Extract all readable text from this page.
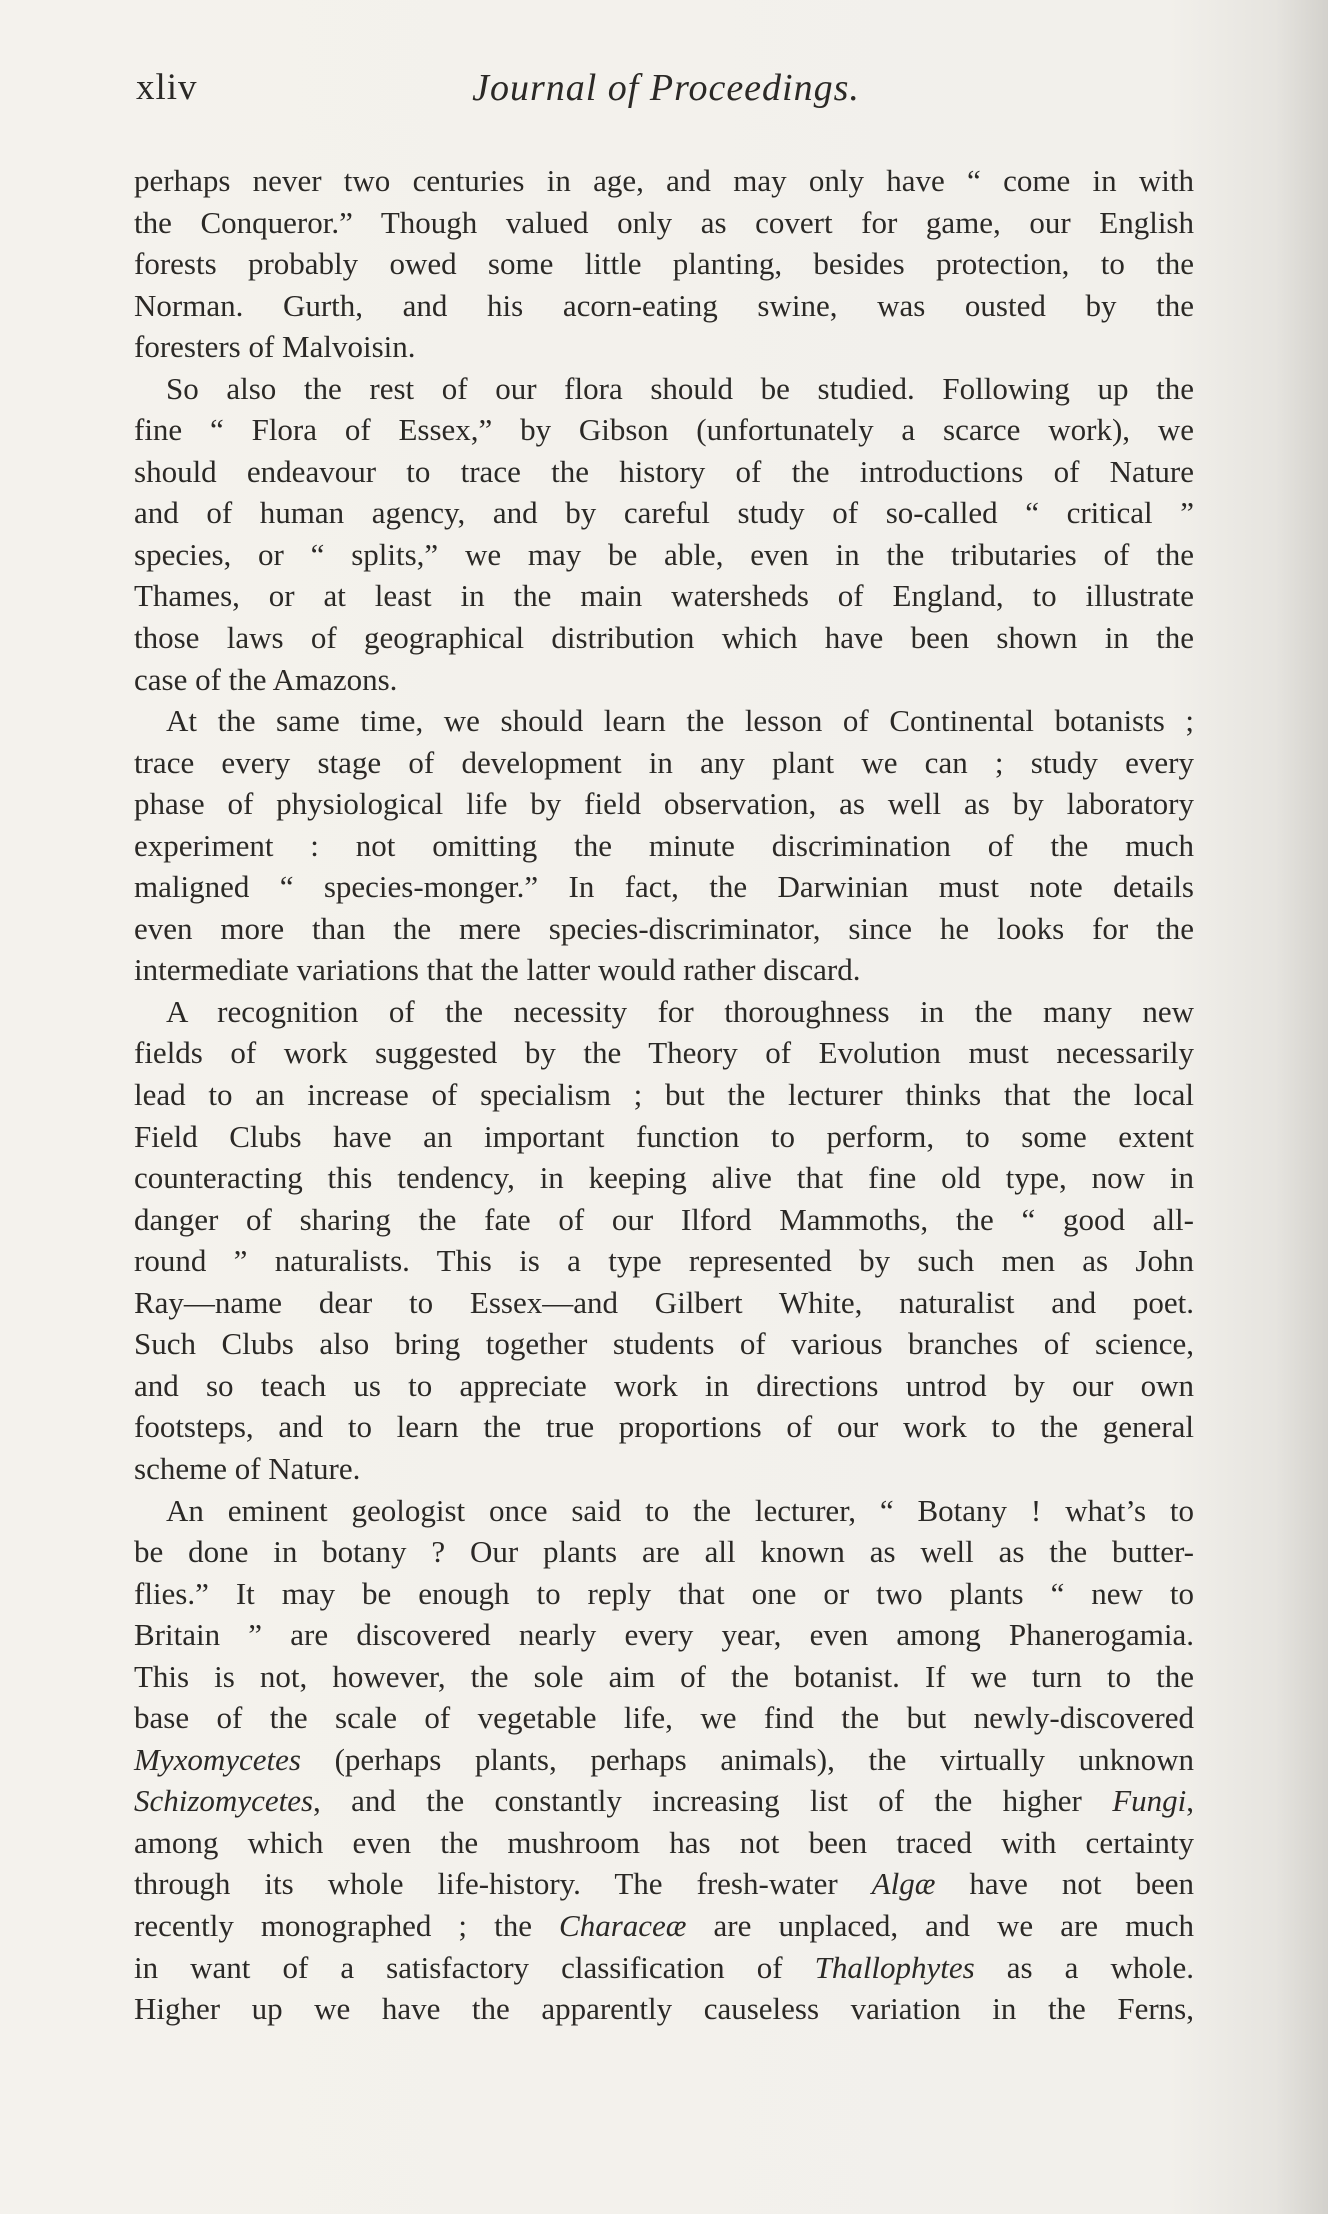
xliv	Journal of Proceedings.
perhaps never two centuries in age, and may only have “ come in with
the Conqueror.” Though valued only as covert for game, our English
forests probably owed some little planting, besides protection, to the
Norman. Gurth, and his acorn-eating swine, was ousted by the
foresters of Malvoisin.
So also the rest of our flora should be studied. Following up the
fine “ Flora of Essex,” by Gibson (unfortunately a scarce work), we
should endeavour to trace the history of the introductions of Nature
and of human agency, and by careful study of so-called “ critical ”
species, or “ splits,” we may be able, even in the tributaries of the
Thames, or at least in the main watersheds of England, to illustrate
those laws of geographical distribution which have been shown in the
case of the Amazons.
At the same time, we should learn the lesson of Continental botanists ;
trace every stage of development in any plant we can ; study every
phase of physiological life by field observation, as well as by laboratory
experiment : not omitting the minute discrimination of the much
maligned “ species-monger.” In fact, the Darwinian must note details
even more than the mere species-discriminator, since he looks for the
intermediate variations that the latter would rather discard.
A recognition of the necessity for thoroughness in the many new
fields of work suggested by the Theory of Evolution must necessarily
lead to an increase of specialism ; but the lecturer thinks that the local
Field Clubs have an important function to perform, to some extent
counteracting this tendency, in keeping alive that fine old type, now in
danger of sharing the fate of our Ilford Mammoths, the “ good all-
round ” naturalists. This is a type represented by such men as John
Ray—name dear to Essex—and Gilbert White, naturalist and poet.
Such Clubs also bring together students of various branches of science,
and so teach us to appreciate work in directions untrod by our own
footsteps, and to learn the true proportions of our work to the general
scheme of Nature.
An eminent geologist once said to the lecturer, “ Botany ! what’s to
be done in botany ? Our plants are all known as well as the butter-
flies.” It may be enough to reply that one or two plants “ new to
Britain ” are discovered nearly every year, even among Phanerogamia.
This is not, however, the sole aim of the botanist. If we turn to the
base of the scale of vegetable life, we find the but newly-discovered
Myxomycetes (perhaps plants, perhaps animals), the virtually unknown
Schizomycetes, and the constantly increasing list of the higher Fungi,
among which even the mushroom has not been traced with certainty
through its whole life-history. The fresh-water Algæ have not been
recently monographed ; the Characeæ are unplaced, and we are much
in want of a satisfactory classification of Thallophytes as a whole.
Higher up we have the apparently causeless variation in the Ferns,
